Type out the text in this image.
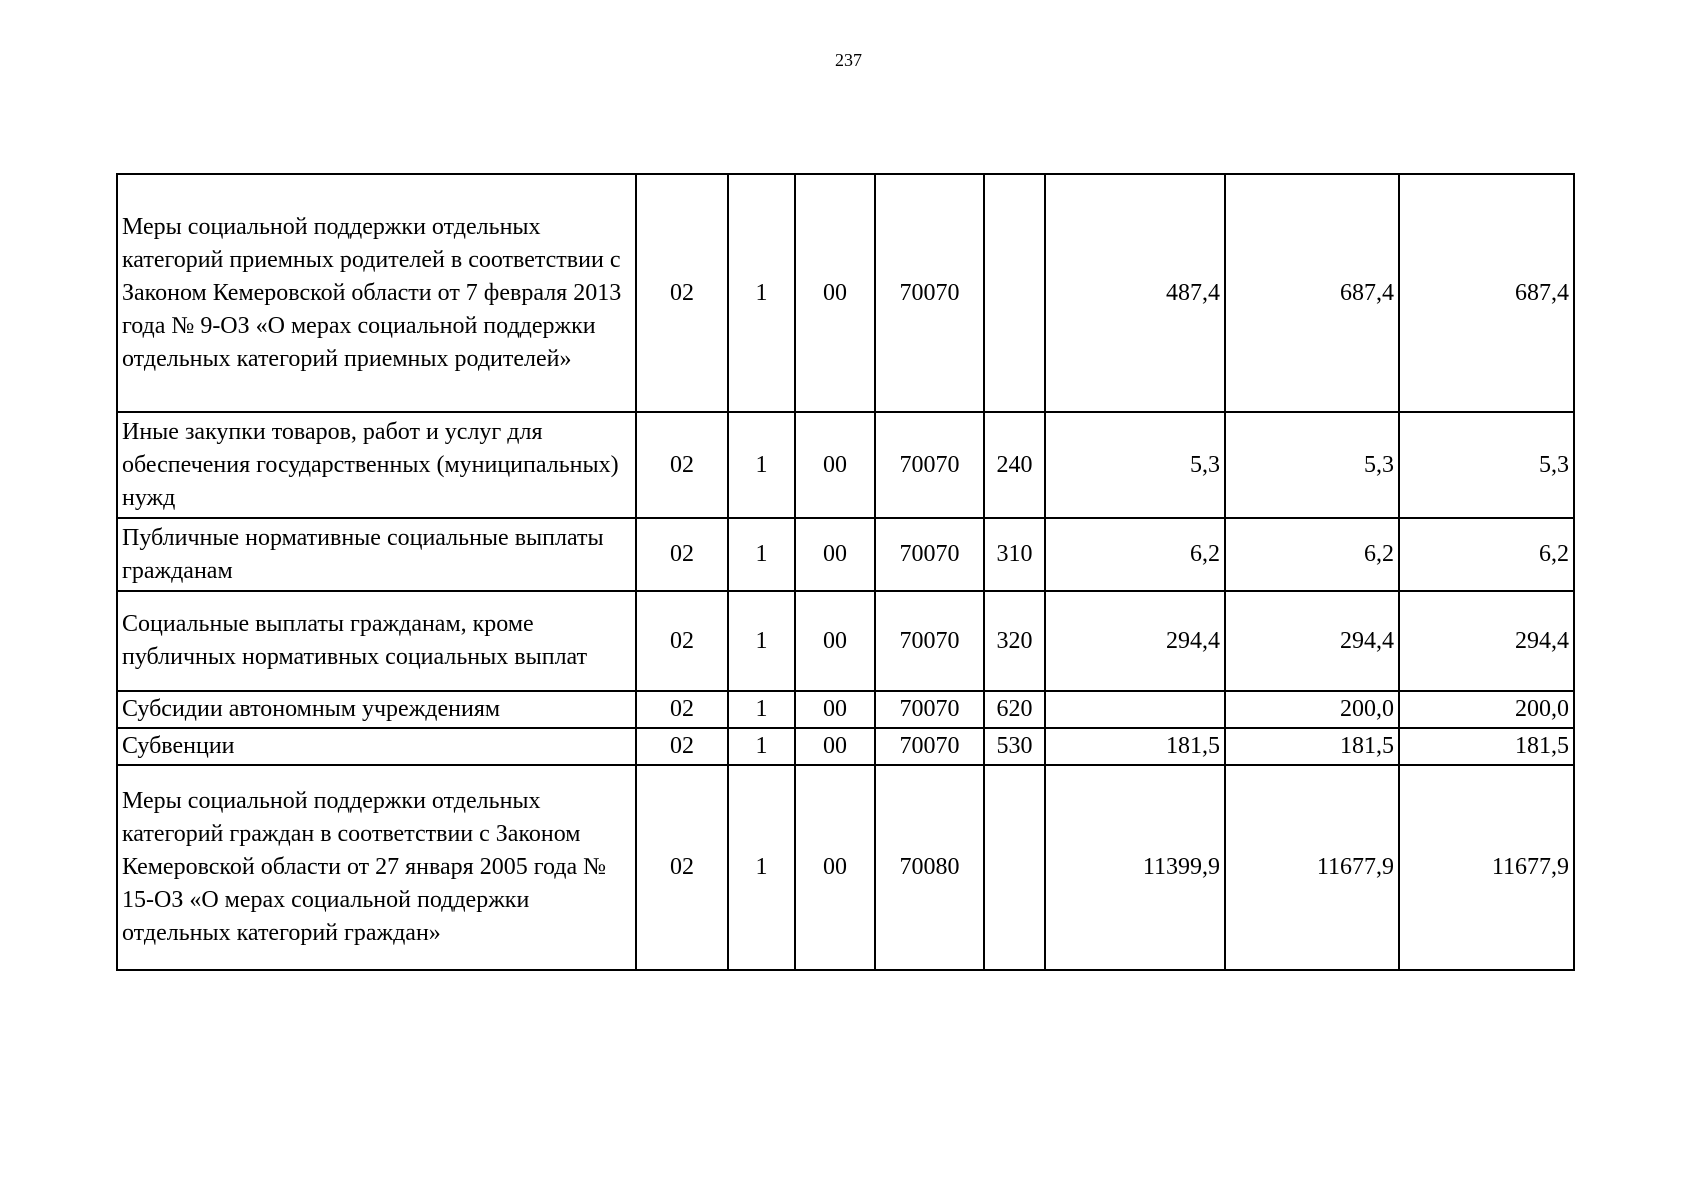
237
Меры социальной поддержки отдельных категорий приемных родителей в соответствии с Законом Кемеровской области от 7 февраля 2013 года № 9-ОЗ «О мерах социальной поддержки отдельных категорий приемных родителей»	02	1	00	70070		487,4	687,4	687,4

Иные закупки товаров, работ и услуг для обеспечения государственных (муниципальных) нужд	02	1	00	70070	240	5,3	5,3	5,3

Публичные нормативные социальные выплаты гражданам	02	1	00	70070	310	6,2	6,2	6,2

Социальные выплаты гражданам, кроме публичных нормативных социальных выплат	02	1	00	70070	320	294,4	294,4	294,4

Субсидии автономным учреждениям	02	1	00	70070	620		200,0	200,0

Субвенции	02	1	00	70070	530	181,5	181,5	181,5

Меры социальной поддержки отдельных категорий граждан в соответствии с Законом Кемеровской области от 27 января 2005 года № 15-ОЗ «О мерах социальной поддержки отдельных категорий граждан»	02	1	00	70080		11399,9	11677,9	11677,9
